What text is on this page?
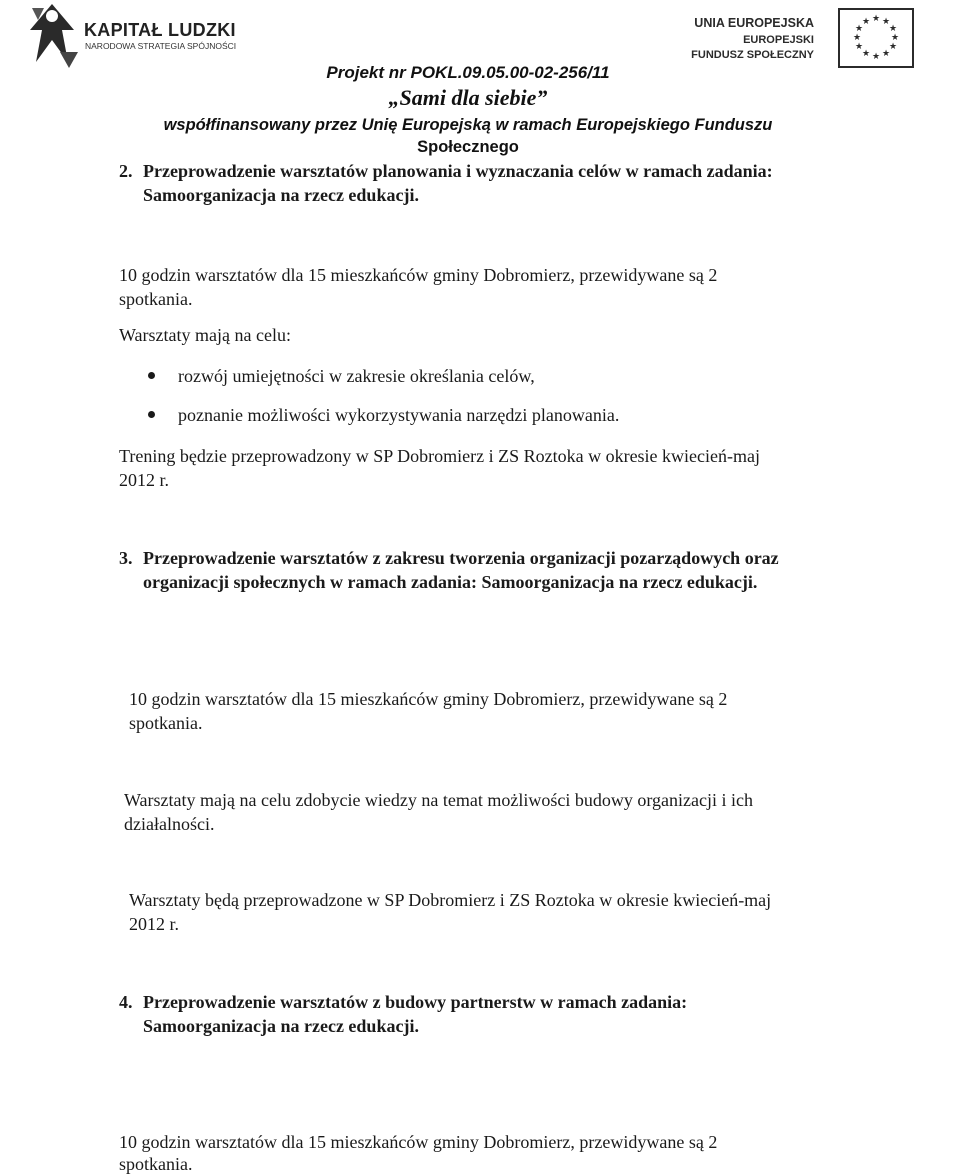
KAPITAŁ LUDZKI
NARODOWA STRATEGIA SPÓJNOŚCI
UNIA EUROPEJSKA
EUROPEJSKI
FUNDUSZ SPOŁECZNY
★ ★
★
★
★
★
★
★
★
★
★
★
Projekt nr POKL.09.05.00-02-256/11
„Sami dla siebie”
współfinansowany przez Unię Europejską w ramach Europejskiego Funduszu
Społecznego
2. Przeprowadzenie warsztatów planowania i wyznaczania celów w ramach zadania:
Samoorganizacja na rzecz edukacji.
10 godzin warsztatów dla 15 mieszkańców gminy Dobromierz, przewidywane są 2
spotkania.
Warsztaty mają na celu:
rozwój umiejętności w zakresie określania celów,
poznanie możliwości wykorzystywania narzędzi planowania.
Trening będzie przeprowadzony w SP Dobromierz i ZS Roztoka w okresie kwiecień-maj
2012 r.
3. Przeprowadzenie warsztatów z zakresu tworzenia organizacji pozarządowych oraz
organizacji społecznych w ramach zadania: Samoorganizacja na rzecz edukacji.
10 godzin warsztatów dla 15 mieszkańców gminy Dobromierz, przewidywane są 2
spotkania.
Warsztaty mają na celu zdobycie wiedzy na temat możliwości budowy organizacji i ich
działalności.
Warsztaty będą przeprowadzone w SP Dobromierz i ZS Roztoka w okresie kwiecień-maj
2012 r.
4. Przeprowadzenie warsztatów z budowy partnerstw w ramach zadania:
Samoorganizacja na rzecz edukacji.
10 godzin warsztatów dla 15 mieszkańców gminy Dobromierz, przewidywane są 2
spotkania.
